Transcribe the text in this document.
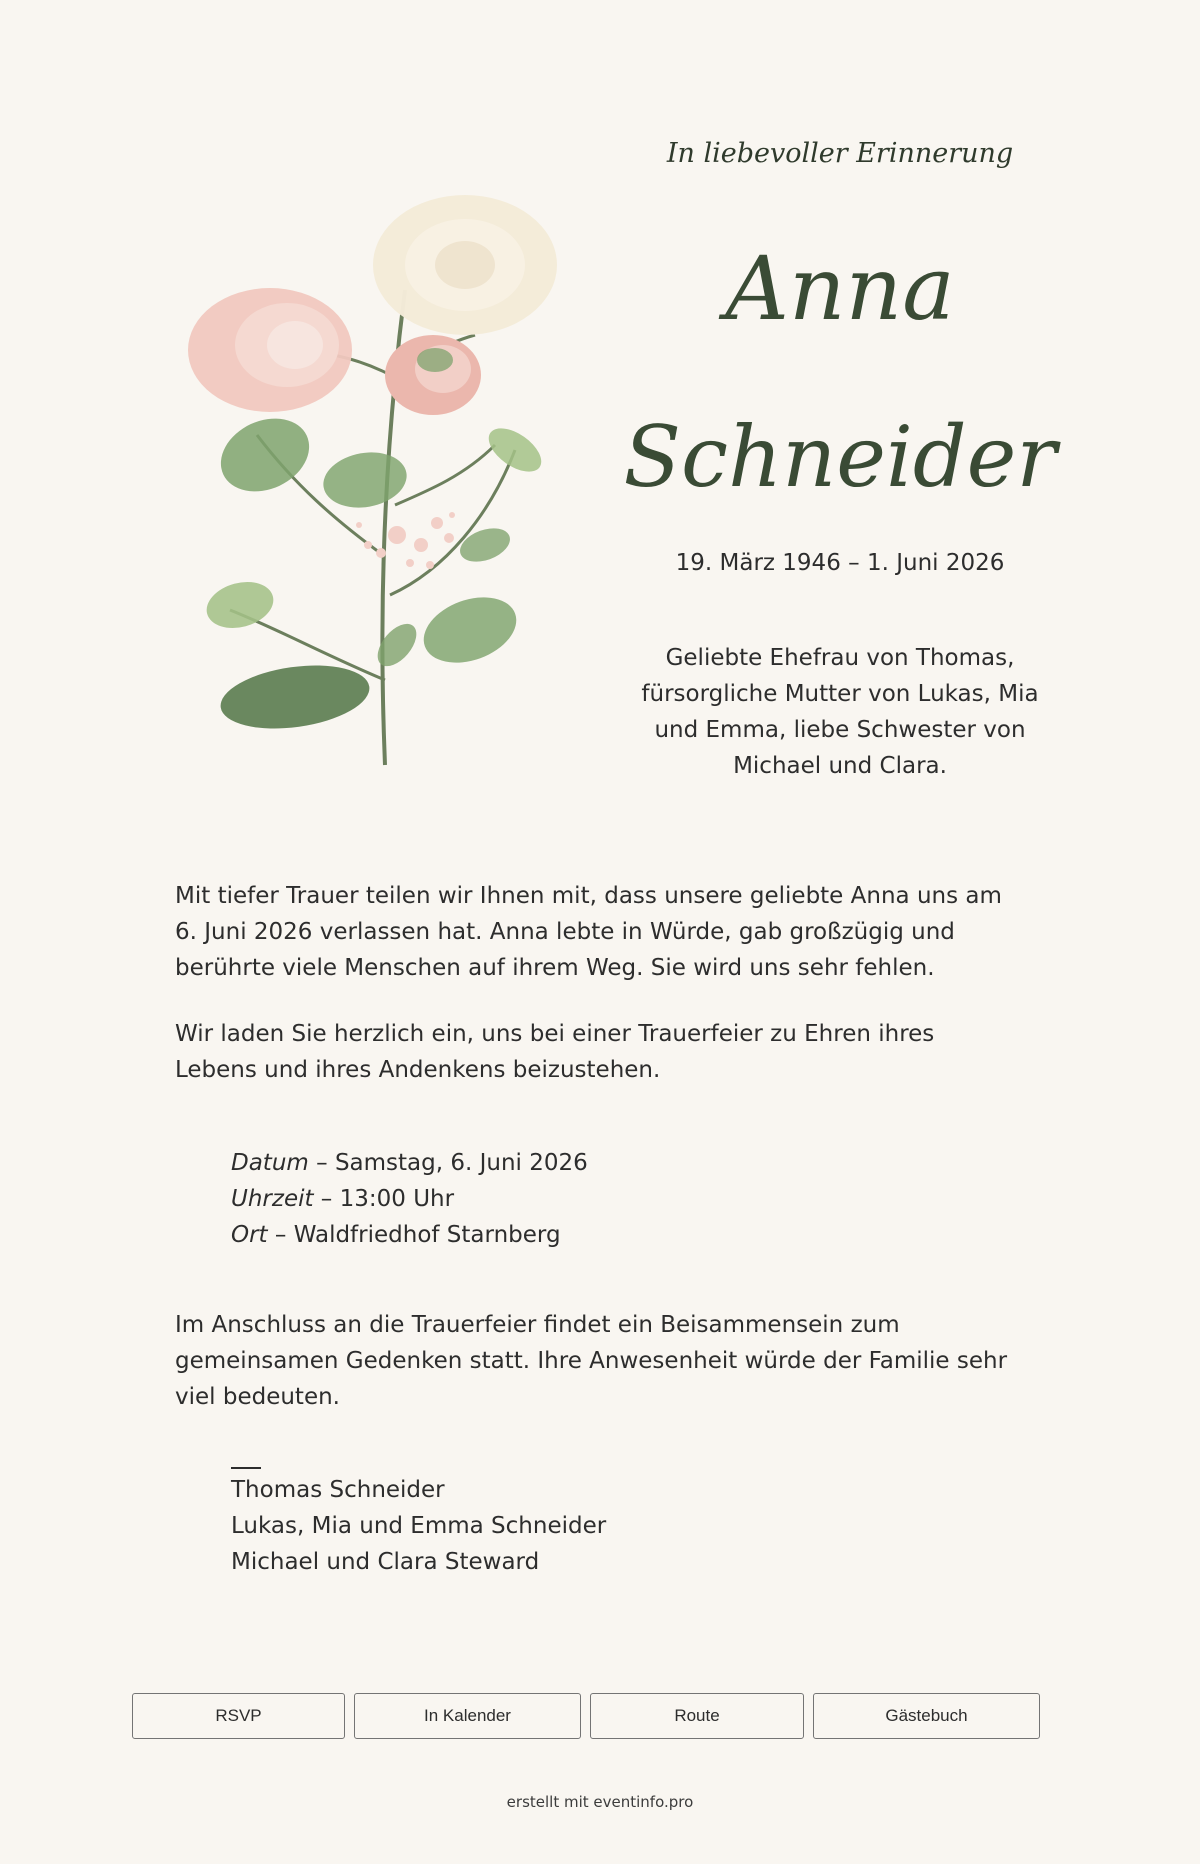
In liebevoller Erinnerung
Anna
Schneider
19. März 1946 – 1. Juni 2026
Geliebte Ehefrau von Thomas,
fürsorgliche Mutter von Lukas, Mia
und Emma, liebe Schwester von
Michael und Clara.
Mit tiefer Trauer teilen wir Ihnen mit, dass unsere geliebte Anna uns am 6. Juni 2026 verlassen hat. Anna lebte in Würde, gab großzügig und berührte viele Menschen auf ihrem Weg. Sie wird uns sehr fehlen.
Wir laden Sie herzlich ein, uns bei einer Trauerfeier zu Ehren ihres Lebens und ihres Andenkens beizustehen.
Datum – Samstag, 6. Juni 2026
Uhrzeit – 13:00 Uhr
Ort – Waldfriedhof Starnberg
Im Anschluss an die Trauerfeier findet ein Beisammensein zum gemeinsamen Gedenken statt. Ihre Anwesenheit würde der Familie sehr viel bedeuten.
Thomas Schneider
Lukas, Mia und Emma Schneider
Michael und Clara Steward
RSVP	In Kalender	Route	Gästebuch
erstellt mit eventinfo.pro
